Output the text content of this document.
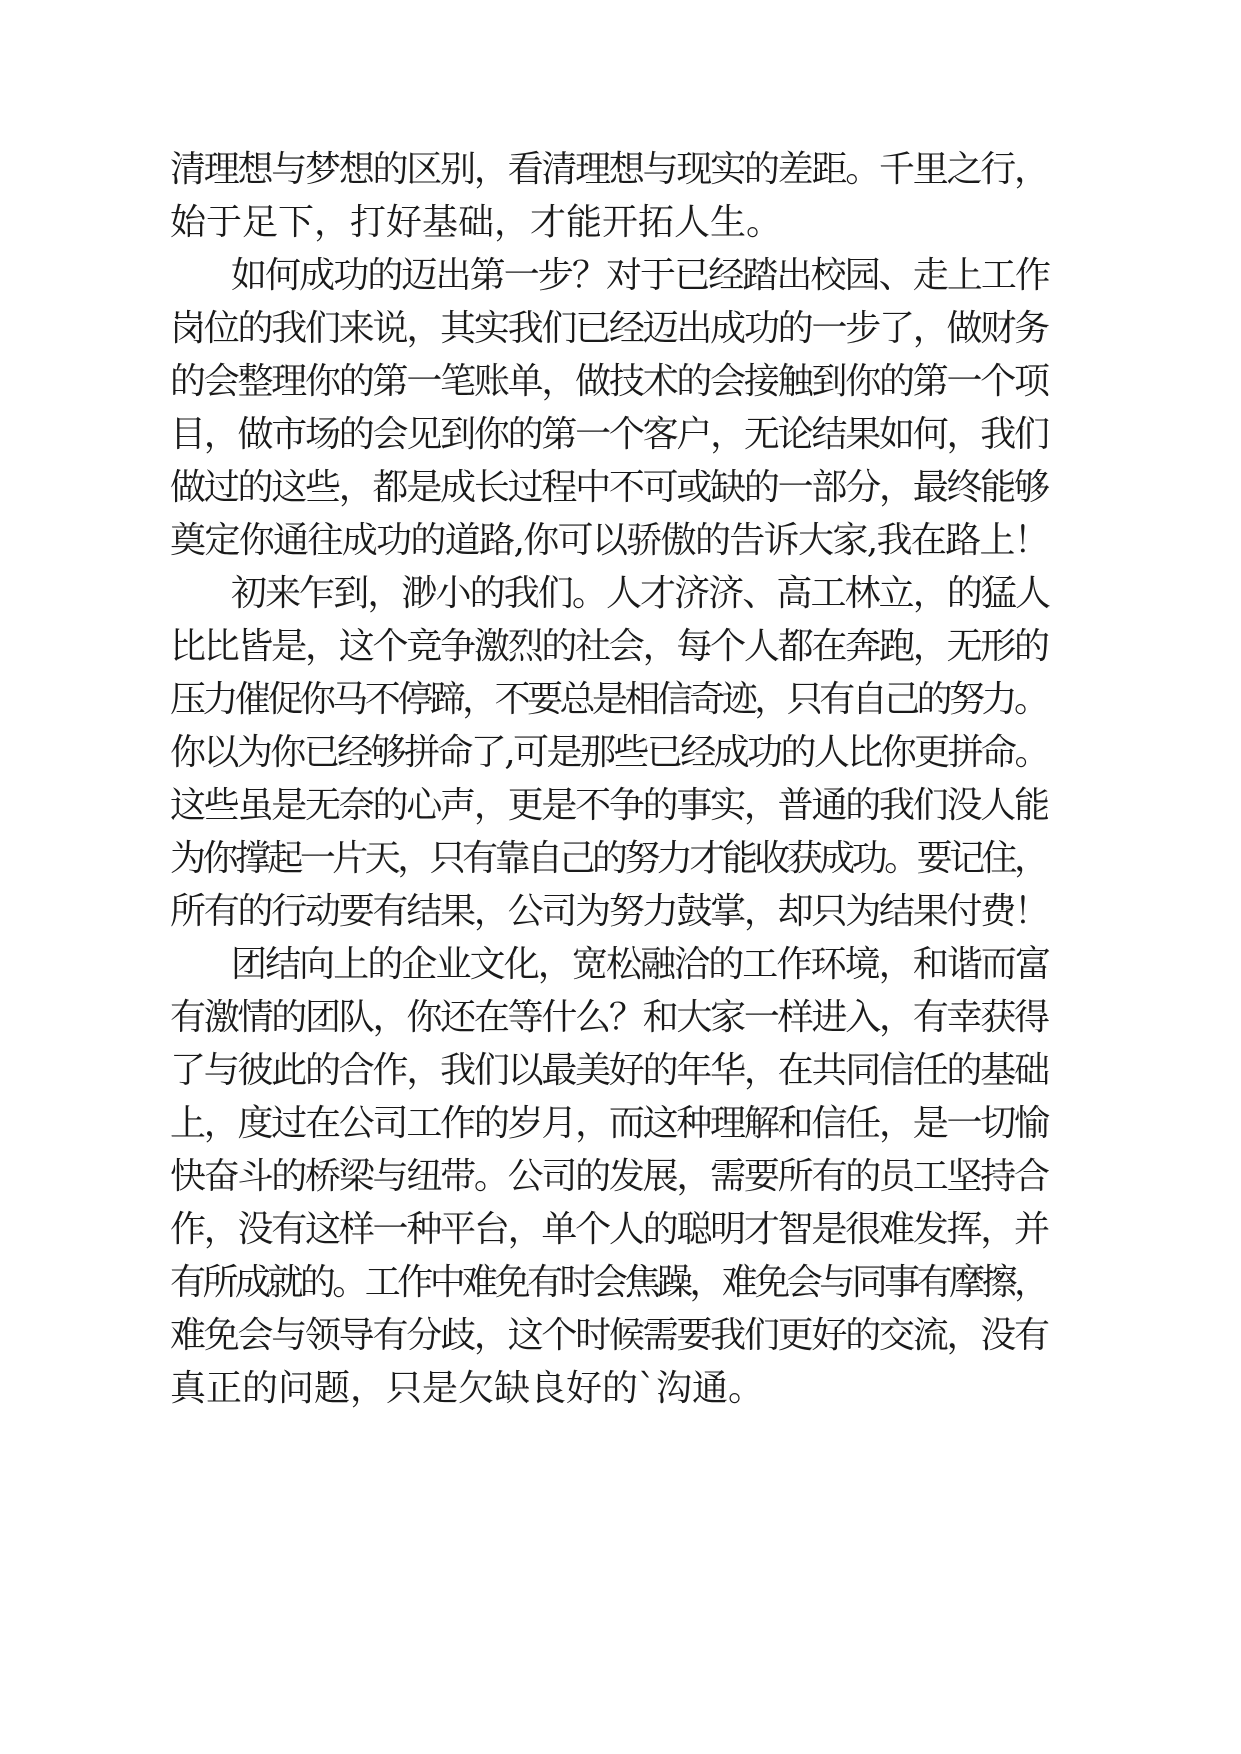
清理想与梦想的区别，看清理想与现实的差距。千里之行，
始于足下，打好基础，才能开拓人生。
如何成功的迈出第一步？对于已经踏出校园、走上工作
岗位的我们来说，其实我们已经迈出成功的一步了，做财务
的会整理你的第一笔账单，做技术的会接触到你的第一个项
目，做市场的会见到你的第一个客户，无论结果如何，我们
做过的这些，都是成长过程中不可或缺的一部分，最终能够
奠定你通往成功的道路,你可以骄傲的告诉大家,我在路上！
初来乍到，渺小的我们。人才济济、高工林立，的猛人
比比皆是，这个竞争激烈的社会，每个人都在奔跑，无形的
压力催促你马不停蹄，不要总是相信奇迹，只有自己的努力。
你以为你已经够拼命了,可是那些已经成功的人比你更拼命。
这些虽是无奈的心声，更是不争的事实，普通的我们没人能
为你撑起一片天，只有靠自己的努力才能收获成功。要记住，
所有的行动要有结果，公司为努力鼓掌，却只为结果付费！
团结向上的企业文化，宽松融洽的工作环境，和谐而富
有激情的团队，你还在等什么？和大家一样进入，有幸获得
了与彼此的合作，我们以最美好的年华，在共同信任的基础
上，度过在公司工作的岁月，而这种理解和信任，是一切愉
快奋斗的桥梁与纽带。公司的发展，需要所有的员工坚持合
作，没有这样一种平台，单个人的聪明才智是很难发挥，并
有所成就的。工作中难免有时会焦躁，难免会与同事有摩擦，
难免会与领导有分歧，这个时候需要我们更好的交流，没有
真正的问题，只是欠缺良好的`沟通。
